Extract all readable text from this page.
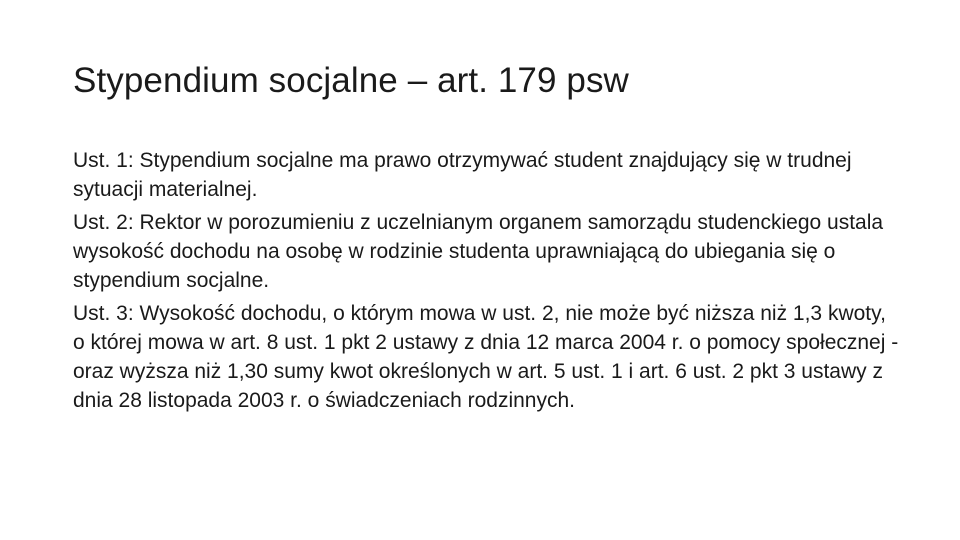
Stypendium socjalne – art. 179 psw
Ust. 1: Stypendium socjalne ma prawo otrzymywać student znajdujący się w trudnej sytuacji materialnej.
Ust. 2: Rektor w porozumieniu z uczelnianym organem samorządu studenckiego ustala wysokość dochodu na osobę w rodzinie studenta uprawniającą do ubiegania się o stypendium socjalne.
Ust. 3: Wysokość dochodu, o którym mowa w ust. 2, nie może być niższa niż 1,3 kwoty, o której mowa w art. 8 ust. 1 pkt 2 ustawy z dnia 12 marca 2004 r. o pomocy społecznej - oraz wyższa niż 1,30 sumy kwot określonych w art. 5 ust. 1 i art. 6 ust. 2 pkt 3 ustawy z dnia 28 listopada 2003 r. o świadczeniach rodzinnych.
